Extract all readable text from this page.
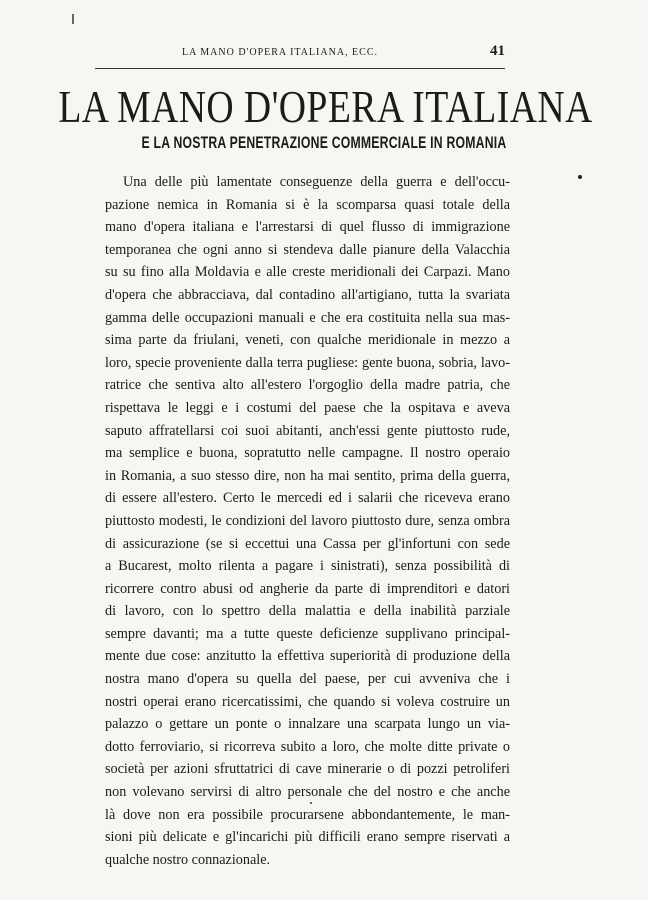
LA MANO D'OPERA ITALIANA, ECC.	41
LA MANO D'OPERA ITALIANA
E LA NOSTRA PENETRAZIONE COMMERCIALE IN ROMANIA
Una delle più lamentate conseguenze della guerra e dell'occu-
pazione nemica in Romania si è la scomparsa quasi totale della
mano d'opera italiana e l'arrestarsi di quel flusso di immigrazione
temporanea che ogni anno si stendeva dalle pianure della Valacchia
su su fino alla Moldavia e alle creste meridionali dei Carpazi. Mano
d'opera che abbracciava, dal contadino all'artigiano, tutta la svariata
gamma delle occupazioni manuali e che era costituita nella sua mas-
sima parte da friulani, veneti, con qualche meridionale in mezzo a
loro, specie proveniente dalla terra pugliese: gente buona, sobria, lavo-
ratrice che sentiva alto all'estero l'orgoglio della madre patria, che
rispettava le leggi e i costumi del paese che la ospitava e aveva
saputo affratellarsi coi suoi abitanti, anch'essi gente piuttosto rude,
ma semplice e buona, sopratutto nelle campagne. Il nostro operaio
in Romania, a suo stesso dire, non ha mai sentito, prima della guerra,
di essere all'estero. Certo le mercedi ed i salarii che riceveva erano
piuttosto modesti, le condizioni del lavoro piuttosto dure, senza ombra
di assicurazione (se si eccettui una Cassa per gl'infortuni con sede
a Bucarest, molto rilenta a pagare i sinistrati), senza possibilità di
ricorrere contro abusi od angherie da parte di imprenditori e datori
di lavoro, con lo spettro della malattia e della inabilità parziale
sempre davanti; ma a tutte queste deficienze supplivano principal-
mente due cose: anzitutto la effettiva superiorità di produzione della
nostra mano d'opera su quella del paese, per cui avveniva che i
nostri operai erano ricercatissimi, che quando si voleva costruire un
palazzo o gettare un ponte o innalzare una scarpata lungo un via-
dotto ferroviario, si ricorreva subito a loro, che molte ditte private o
società per azioni sfruttatrici di cave minerarie o di pozzi petroliferi
non volevano servirsi di altro personale che del nostro e che anche
là dove non era possibile procurarsene abbondantemente, le man-
sioni più delicate e gl'incarichi più difficili erano sempre riservati a
qualche nostro connazionale.
